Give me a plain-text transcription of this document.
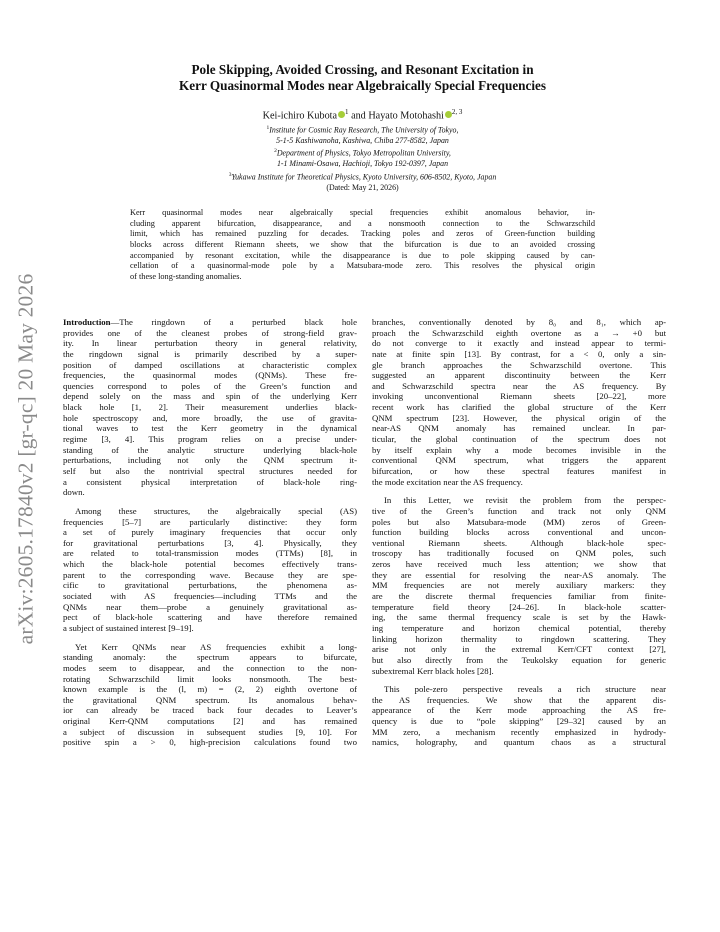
arXiv:2605.17840v2 [gr-qc] 20 May 2026
Pole Skipping, Avoided Crossing, and Resonant Excitation in
Kerr Quasinormal Modes near Algebraically Special Frequencies
Kei-ichiro Kubota $^1$ and Hayato Motohashi $^{2, 3}$
$^1$Institute for Cosmic Ray Research, The University of Tokyo,
5-1-5 Kashiwanoha, Kashiwa, Chiba 277-8582, Japan
$^2$Department of Physics, Tokyo Metropolitan University,
1-1 Minami-Osawa, Hachioji, Tokyo 192-0397, Japan
$^3$Yukawa Institute for Theoretical Physics, Kyoto University, 606-8502, Kyoto, Japan
(Dated: May 21, 2026)
Kerr quasinormal modes near algebraically special frequencies exhibit anomalous behavior, in-
cluding apparent bifurcation, disappearance, and a nonsmooth connection to the Schwarzschild
limit, which has remained puzzling for decades. Tracking poles and zeros of Green-function building
blocks across different Riemann sheets, we show that the bifurcation is due to an avoided crossing
accompanied by resonant excitation, while the disappearance is due to pole skipping caused by can-
cellation of a quasinormal-mode pole by a Matsubara-mode zero. This resolves the physical origin
of these long-standing anomalies.
Introduction—The ringdown of a perturbed black hole
provides one of the cleanest probes of strong-field grav-
ity. In linear perturbation theory in general relativity,
the ringdown signal is primarily described by a super-
position of damped oscillations at characteristic complex
frequencies, the quasinormal modes (QNMs). These fre-
quencies correspond to poles of the Green’s function and
depend solely on the mass and spin of the underlying Kerr
black hole [1, 2]. Their measurement underlies black-
hole spectroscopy and, more broadly, the use of gravita-
tional waves to test the Kerr geometry in the dynamical
regime [3, 4]. This program relies on a precise under-
standing of the analytic structure underlying black-hole
perturbations, including not only the QNM spectrum it-
self but also the nontrivial spectral structures needed for
a consistent physical interpretation of black-hole ring-
down.
Among these structures, the algebraically special (AS)
frequencies [5–7] are particularly distinctive: they form
a set of purely imaginary frequencies that occur only
for gravitational perturbations [3, 4]. Physically, they
are related to total-transmission modes (TTMs) [8], in
which the black-hole potential becomes effectively trans-
parent to the corresponding wave. Because they are spe-
cific to gravitational perturbations, the phenomena as-
sociated with AS frequencies—including TTMs and the
QNMs near them—probe a genuinely gravitational as-
pect of black-hole scattering and have therefore remained
a subject of sustained interest [9–19].
Yet Kerr QNMs near AS frequencies exhibit a long-
standing anomaly: the spectrum appears to bifurcate,
modes seem to disappear, and the connection to the non-
rotating Schwarzschild limit looks nonsmooth. The best-
known example is the (l, m) = (2, 2) eighth overtone of
the gravitational QNM spectrum. Its anomalous behav-
ior can already be traced back four decades to Leaver’s
original Kerr-QNM computations [2] and has remained
a subject of discussion in subsequent studies [9, 10]. For
positive spin a > 0, high-precision calculations found two
branches, conventionally denoted by 8₀ and 8₁, which ap-
proach the Schwarzschild eighth overtone as a → +0 but
do not converge to it exactly and instead appear to termi-
nate at finite spin [13]. By contrast, for a < 0, only a sin-
gle branch approaches the Schwarzschild overtone. This
suggested an apparent discontinuity between the Kerr
and Schwarzschild spectra near the AS frequency. By
invoking unconventional Riemann sheets [20–22], more
recent work has clarified the global structure of the Kerr
QNM spectrum [23]. However, the physical origin of the
near-AS QNM anomaly has remained unclear. In par-
ticular, the global continuation of the spectrum does not
by itself explain why a mode becomes invisible in the
conventional QNM spectrum, what triggers the apparent
bifurcation, or how these spectral features manifest in
the mode excitation near the AS frequency.
In this Letter, we revisit the problem from the perspec-
tive of the Green’s function and track not only QNM
poles but also Matsubara-mode (MM) zeros of Green-
function building blocks across conventional and uncon-
ventional Riemann sheets. Although black-hole spec-
troscopy has traditionally focused on QNM poles, such
zeros have received much less attention; we show that
they are essential for resolving the near-AS anomaly. The
MM frequencies are not merely auxiliary markers: they
are the discrete thermal frequencies familiar from finite-
temperature field theory [24–26]. In black-hole scatter-
ing, the same thermal frequency scale is set by the Hawk-
ing temperature and horizon chemical potential, thereby
linking horizon thermality to ringdown scattering. They
arise not only in the extremal Kerr/CFT context [27],
but also directly from the Teukolsky equation for generic
subextremal Kerr black holes [28].
This pole-zero perspective reveals a rich structure near
the AS frequencies. We show that the apparent dis-
appearance of the Kerr mode approaching the AS fre-
quency is due to “pole skipping” [29–32] caused by an
MM zero, a mechanism recently emphasized in hydrody-
namics, holography, and quantum chaos as a structural
